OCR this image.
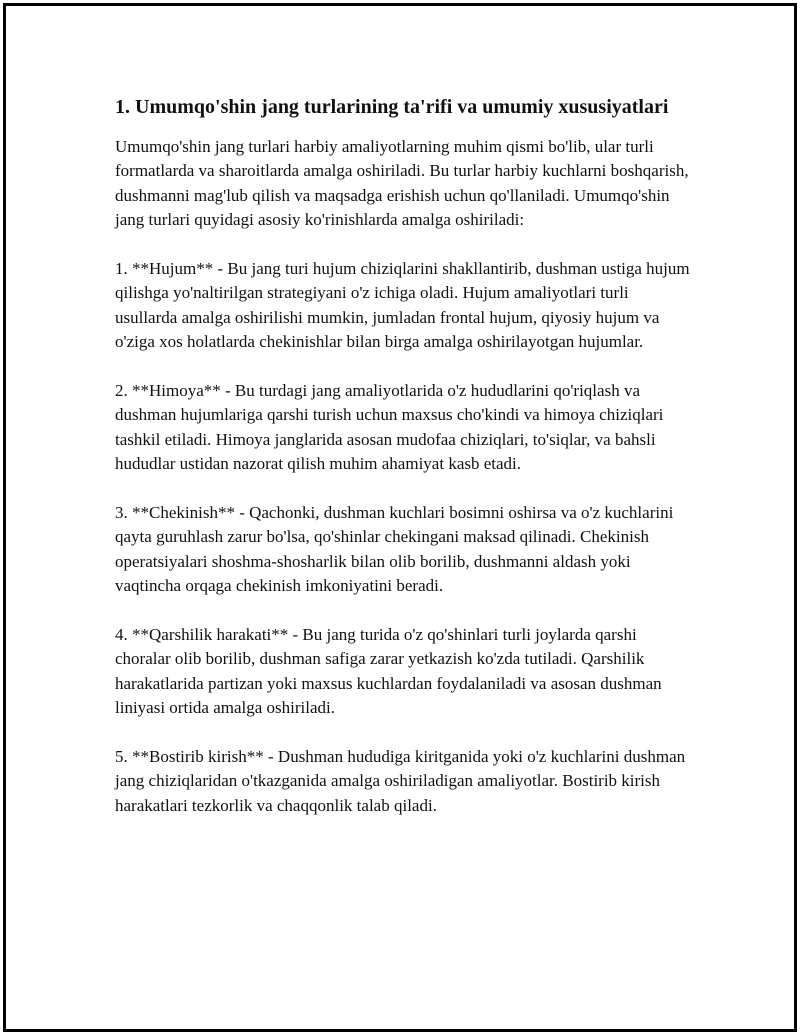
1. Umumqo'shin jang turlarining ta'rifi va umumiy xususiyatlari

Umumqo'shin jang turlari harbiy amaliyotlarning muhim qismi bo'lib, ular turli formatlarda va sharoitlarda amalga oshiriladi. Bu turlar harbiy kuchlarni boshqarish, dushmanni mag'lub qilish va maqsadga erishish uchun qo'llaniladi. Umumqo'shin jang turlari quyidagi asosiy ko'rinishlarda amalga oshiriladi:

1. **Hujum** - Bu jang turi hujum chiziqlarini shakllantirib, dushman ustiga hujum qilishga yo'naltirilgan strategiyani o'z ichiga oladi. Hujum amaliyotlari turli usullarda amalga oshirilishi mumkin, jumladan frontal hujum, qiyosiy hujum va o'ziga xos holatlarda chekinishlar bilan birga amalga oshirilayotgan hujumlar.

2. **Himoya** - Bu turdagi jang amaliyotlarida o'z hududlarini qo'riqlash va dushman hujumlariga qarshi turish uchun maxsus cho'kindi va himoya chiziqlari tashkil etiladi. Himoya janglarida asosan mudofaa chiziqlari, to'siqlar, va bahsli hududlar ustidan nazorat qilish muhim ahamiyat kasb etadi.

3. **Chekinish** - Qachonki, dushman kuchlari bosimni oshirsa va o'z kuchlarini qayta guruhlash zarur bo'lsa, qo'shinlar chekingani maksad qilinadi. Chekinish operatsiyalari shoshma-shosharlik bilan olib borilib, dushmanni aldash yoki vaqtincha orqaga chekinish imkoniyatini beradi.

4. **Qarshilik harakati** - Bu jang turida o'z qo'shinlari turli joylarda qarshi choralar olib borilib, dushman safiga zarar yetkazish ko'zda tutiladi. Qarshilik harakatlarida partizan yoki maxsus kuchlardan foydalaniladi va asosan dushman liniyasi ortida amalga oshiriladi.

5. **Bostirib kirish** - Dushman hududiga kiritganida yoki o'z kuchlarini dushman jang chiziqlaridan o'tkazganida amalga oshiriladigan amaliyotlar. Bostirib kirish harakatlari tezkorlik va chaqqonlik talab qiladi.
